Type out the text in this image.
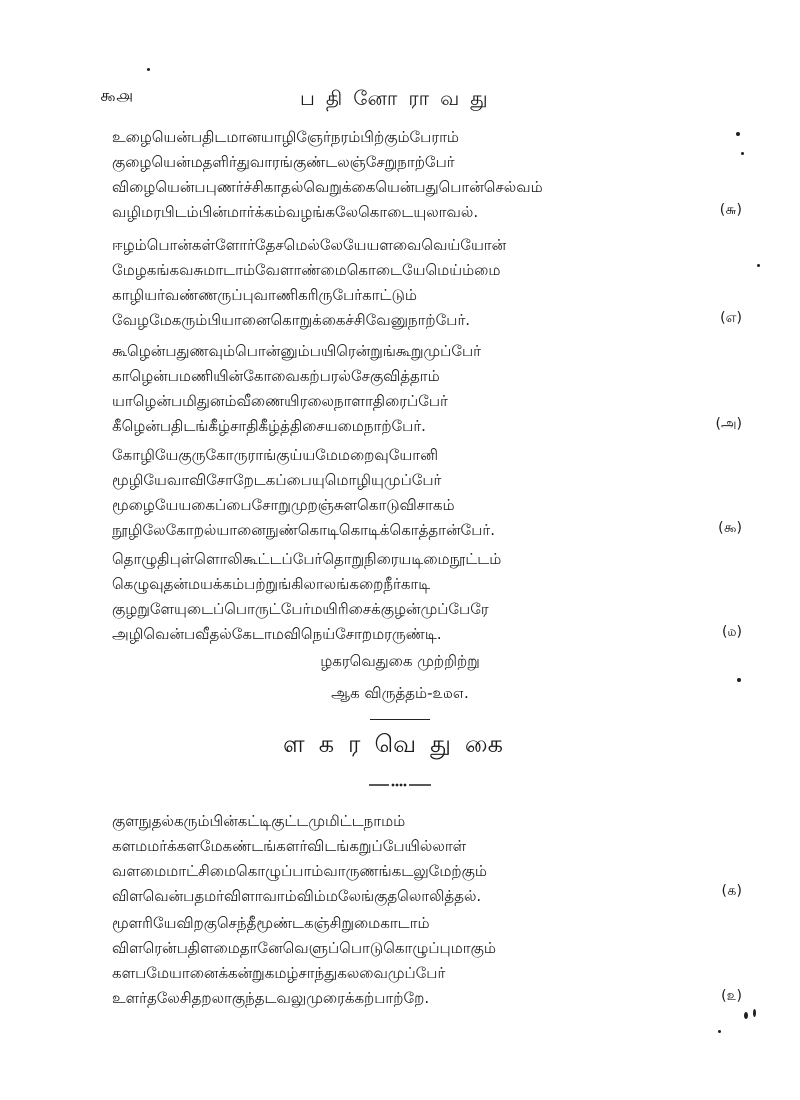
௯௮	பதினோராவது
உழையென்பதிடமானயாழிஞேர்நரம்பிற்கும்பேராம்
குழையென்மதளிர்துவாரங்குண்டலஞ்சேறுநாற்பேர்
விழையென்பபுணர்ச்சிகாதல்வெறுக்கையென்பதுபொன்செல்வம்
வழிமரபிடம்பின்மார்க்கம்வழங்கலேகொடையுலாவல்.	(௬)
ஈழம்பொன்கள்ளோர்தேசமெல்லேயேயளவைவெய்யோன்
மேழகங்கவசுமாடாம்வேளாண்மைகொடையேமெய்ம்மை
காழியர்வண்ணருப்புவாணிகரிருபேர்காட்டும்
வேழமேகரும்பியானைகொறுக்கைச்சிவேனுநாற்பேர்.	(எ)
கூழென்பதுணவும்பொன்னும்பயிரென்றுங்கூறுமுப்பேர்
காழென்பமணியின்கோவைகற்பரல்சேகுவித்தாம்
யாழென்பமிதுனம்வீணையிரலைநாளாதிரைப்பேர்
கீழென்பதிடங்கீழ்சாதிகீழ்த்திசையமைநாற்பேர்.	(அ)
கோழியேகுருகோருராங்குய்யமேமறைவுயோனி
மூழியேவாவிசோறேடகப்பையுமொழியுமுப்பேர்
மூழையேயகைப்பைசோறுமுறஞ்சுளகொடுவிசாகம்
நூழிலேகோறல்யானைநுண்கொடிகொடிக்கொத்தான்பேர்.	(௯)
தொழுதிபுள்ளொலிகூட்டப்பேர்தொறுநிரையடிமைநூட்டம்
கெழுவுதன்மயக்கம்பற்றுங்கிலாலங்கறைநீர்காடி
குழறுளேயுடைப்பொருட்பேர்மயிரிசைக்குழன்முப்பேரே
அழிவென்பவீதல்கேடாமவிநெய்சோறமரருண்டி.	(௰)
ழகரவெதுகை முற்றிற்று
ஆக விருத்தம்-௨௰௭.
ளகரவெதுகை
குளநுதல்கரும்பின்கட்டிகுட்டமுமிட்டநாமம்
களமமர்க்களமேகண்டங்களர்விடங்கறுப்பேயில்லாள்
வளமைமாட்சிமைகொழுப்பாம்வாருணங்கடலுமேற்கும்
விளவென்பதமர்விளாவாம்விம்மலேங்குதலொலித்தல்.	(௧)
மூளரியேவிறகுசெந்தீமூண்டகஞ்சிறுமைகாடாம்
விளரென்பதிளமைதானேவெளுப்பொடுகொழுப்புமாகும்
களபமேயானைக்கன்றுகமழ்சாந்துகலவைமுப்பேர்
உளர்தலேசிதறலாகுந்தடவலுமுரைக்கற்பாற்றே.	(௨)
